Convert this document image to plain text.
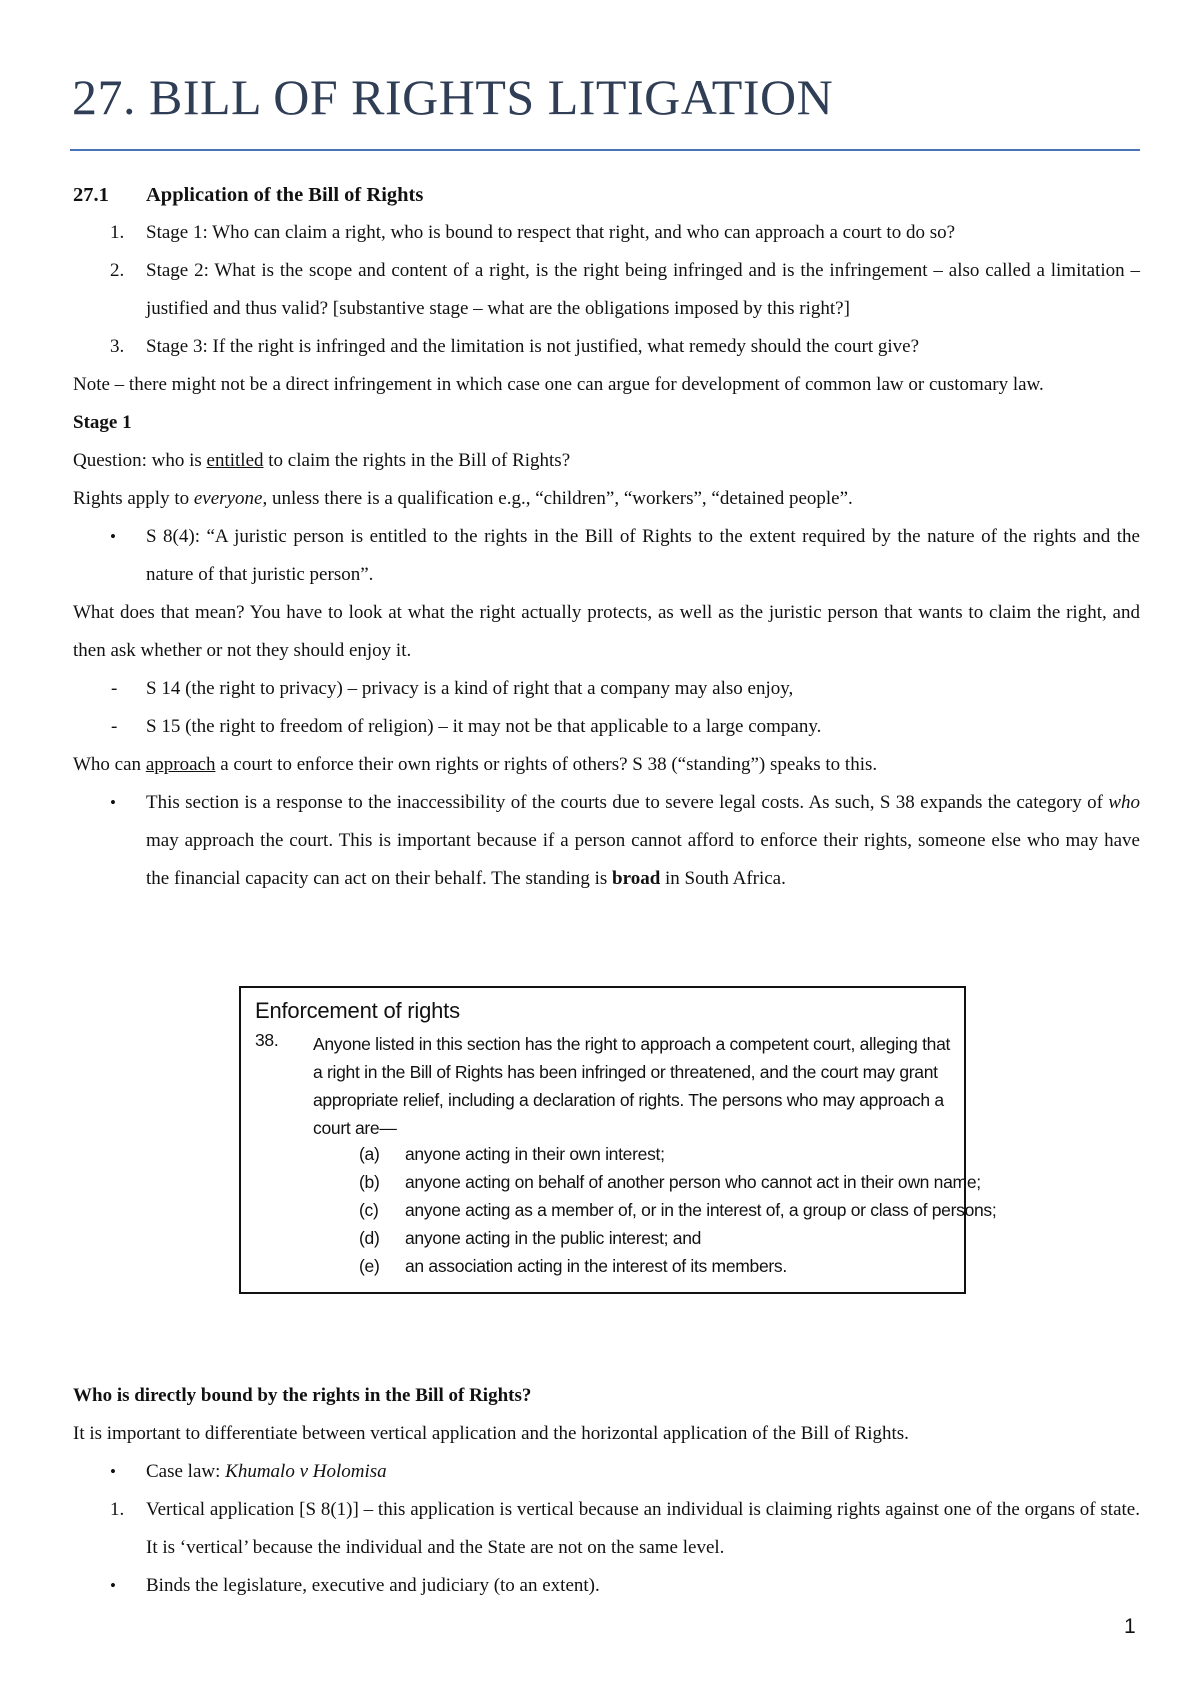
27. BILL OF RIGHTS LITIGATION

27.1 Application of the Bill of Rights

1. Stage 1: Who can claim a right, who is bound to respect that right, and who can approach a court to do so?

2. Stage 2: What is the scope and content of a right, is the right being infringed and is the infringement – also called a limitation – justified and thus valid? [substantive stage – what are the obligations imposed by this right?]

3. Stage 3: If the right is infringed and the limitation is not justified, what remedy should the court give?

Note – there might not be a direct infringement in which case one can argue for development of common law or customary law.

Stage 1

Question: who is entitled to claim the rights in the Bill of Rights?

Rights apply to everyone, unless there is a qualification e.g., “children”, “workers”, “detained people”.

• S 8(4): “A juristic person is entitled to the rights in the Bill of Rights to the extent required by the nature of the rights and the nature of that juristic person”.

What does that mean? You have to look at what the right actually protects, as well as the juristic person that wants to claim the right, and then ask whether or not they should enjoy it.

- S 14 (the right to privacy) – privacy is a kind of right that a company may also enjoy,

- S 15 (the right to freedom of religion) – it may not be that applicable to a large company.

Who can approach a court to enforce their own rights or rights of others? S 38 (“standing”) speaks to this.

• This section is a response to the inaccessibility of the courts due to severe legal costs. As such, S 38 expands the category of who may approach the court. This is important because if a person cannot afford to enforce their rights, someone else who may have the financial capacity can act on their behalf. The standing is broad in South Africa.

Enforcement of rights
38. Anyone listed in this section has the right to approach a competent court, alleging that a right in the Bill of Rights has been infringed or threatened, and the court may grant appropriate relief, including a declaration of rights. The persons who may approach a court are—
(a) anyone acting in their own interest;
(b) anyone acting on behalf of another person who cannot act in their own name;
(c) anyone acting as a member of, or in the interest of, a group or class of persons;
(d) anyone acting in the public interest; and
(e) an association acting in the interest of its members.

Who is directly bound by the rights in the Bill of Rights?

It is important to differentiate between vertical application and the horizontal application of the Bill of Rights.

• Case law: Khumalo v Holomisa

1. Vertical application [S 8(1)] – this application is vertical because an individual is claiming rights against one of the organs of state. It is ‘vertical’ because the individual and the State are not on the same level.

• Binds the legislature, executive and judiciary (to an extent).

1
